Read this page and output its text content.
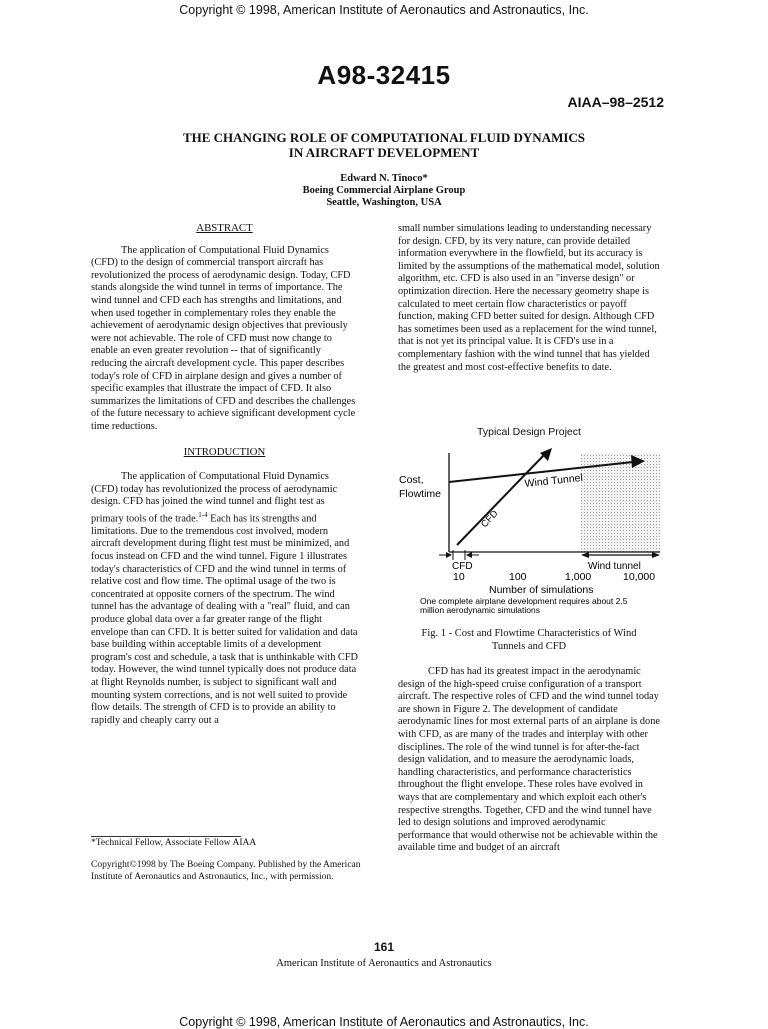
Copyright © 1998, American Institute of Aeronautics and Astronautics, Inc.
A98-32415
AIAA–98–2512
THE CHANGING ROLE OF COMPUTATIONAL FLUID DYNAMICS
IN AIRCRAFT DEVELOPMENT
Edward N. Tinoco*
Boeing Commercial Airplane Group
Seattle, Washington, USA

ABSTRACT

The application of Computational Fluid Dynamics (CFD) to the design of commercial transport aircraft has revolutionized the process of aerodynamic design. Today, CFD stands alongside the wind tunnel in terms of importance. The wind tunnel and CFD each has strengths and limitations, and when used together in complementary roles they enable the achievement of aerodynamic design objectives that previously were not achievable. The role of CFD must now change to enable an even greater revolution -- that of significantly reducing the aircraft development cycle. This paper describes today's role of CFD in airplane design and gives a number of specific examples that illustrate the impact of CFD. It also summarizes the limitations of CFD and describes the challenges of the future necessary to achieve significant development cycle time reductions.

INTRODUCTION

The application of Computational Fluid Dynamics (CFD) today has revolutionized the process of aerodynamic design. CFD has joined the wind tunnel and flight test as primary tools of the trade.$^{1-4}$ Each has its strengths and limitations. Due to the tremendous cost involved, modern aircraft development during flight test must be minimized, and focus instead on CFD and the wind tunnel. Figure 1 illustrates today's characteristics of CFD and the wind tunnel in terms of relative cost and flow time. The optimal usage of the two is concentrated at opposite corners of the spectrum. The wind tunnel has the advantage of dealing with a "real" fluid, and can produce global data over a far greater range of the flight envelope than can CFD. It is better suited for validation and data base building within acceptable limits of a development program's cost and schedule, a task that is unthinkable with CFD today. However, the wind tunnel typically does not produce data at flight Reynolds number, is subject to significant wall and mounting system corrections, and is not well suited to provide flow details. The strength of CFD is to provide an ability to rapidly and cheaply carry out a

*Technical Fellow, Associate Fellow AIAA
Copyright©1998 by The Boeing Company. Published by the American Institute of Aeronautics and Astronautics, Inc., with permission.

small number simulations leading to understanding necessary for design. CFD, by its very nature, can provide detailed information everywhere in the flowfield, but its accuracy is limited by the assumptions of the mathematical model, solution algorithm, etc. CFD is also used in an "inverse design" or optimization direction. Here the necessary geometry shape is calculated to meet certain flow characteristics or payoff function, making CFD better suited for design. Although CFD has sometimes been used as a replacement for the wind tunnel, that is not yet its principal value. It is CFD's use in a complementary fashion with the wind tunnel that has yielded the greatest and most cost-effective benefits to date.

Typical Design Project
Cost,
Flowtime
Wind Tunnel
CFD
CFD	Wind tunnel
10	100	1,000	10,000
Number of simulations
One complete airplane development requires about 2.5
million aerodynamic simulations
Fig. 1 - Cost and Flowtime Characteristics of Wind
Tunnels and CFD

CFD has had its greatest impact in the aerodynamic design of the high-speed cruise configuration of a transport aircraft. The respective roles of CFD and the wind tunnel today are shown in Figure 2. The development of candidate aerodynamic lines for most external parts of an airplane is done with CFD, as are many of the trades and interplay with other disciplines. The role of the wind tunnel is for after-the-fact design validation, and to measure the aerodynamic loads, handling characteristics, and performance characteristics throughout the flight envelope. These roles have evolved in ways that are complementary and which exploit each other's respective strengths. Together, CFD and the wind tunnel have led to design solutions and improved aerodynamic performance that would otherwise not be achievable within the available time and budget of an aircraft

161
American Institute of Aeronautics and Astronautics
Copyright © 1998, American Institute of Aeronautics and Astronautics, Inc.
